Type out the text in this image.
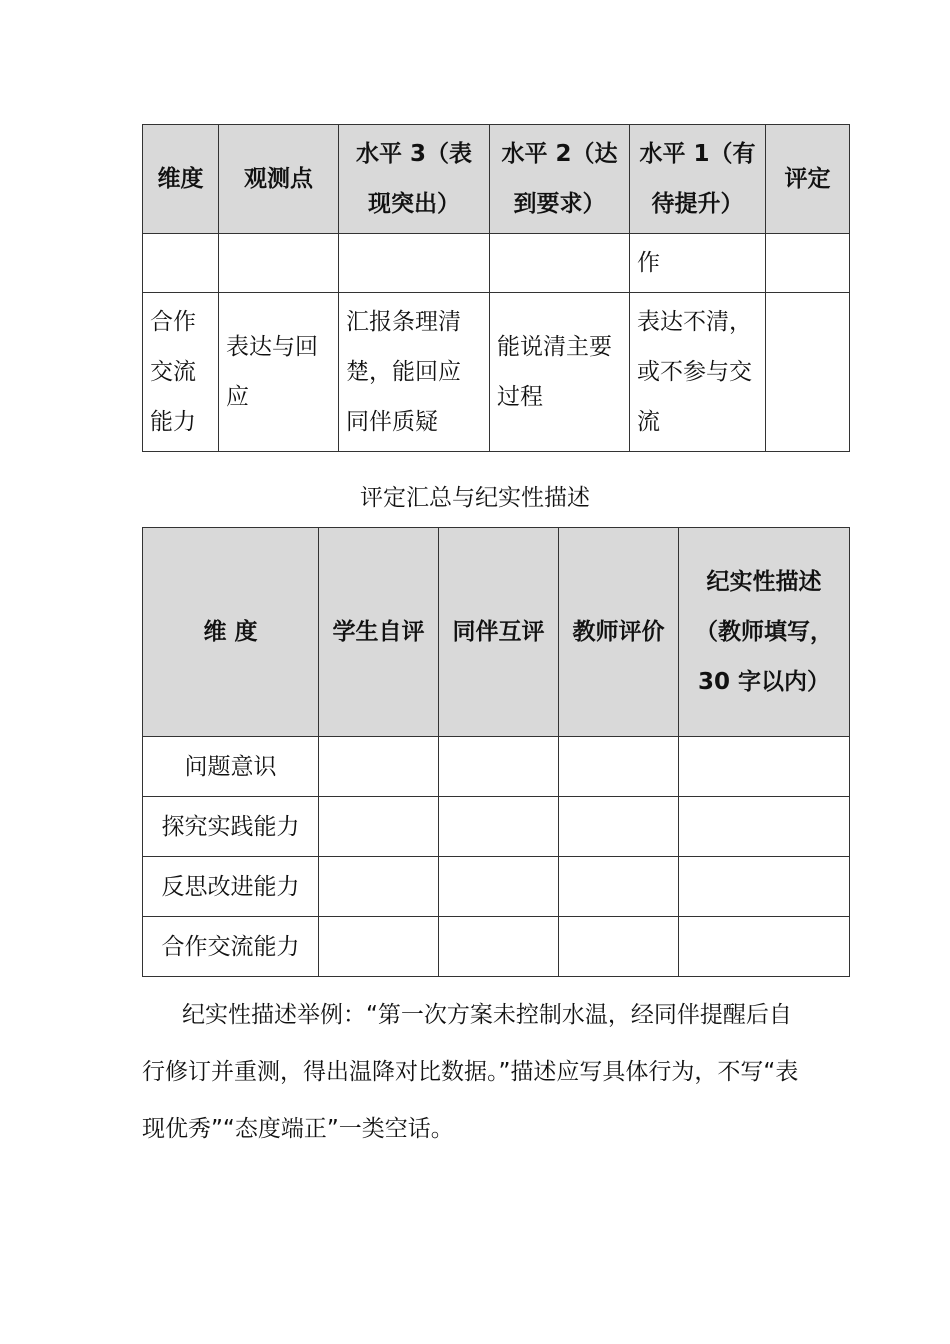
维度	观测点	水平 3（表现突出）	水平 2（达到要求）	水平 1（有待提升）	评定
				作	
合作交流能力	表达与回应	汇报条理清楚，能回应同伴质疑	能说清主要过程	表达不清，或不参与交流	
评定汇总与纪实性描述
维 度	学生自评	同伴互评	教师评价	纪实性描述（教师填写，30 字以内）
问题意识				
探究实践能力				
反思改进能力				
合作交流能力				

纪实性描述举例：“第一次方案未控制水温，经同伴提醒后自行修订并重测，得出温降对比数据。”描述应写具体行为，不写“表现优秀”“态度端正”一类空话。
